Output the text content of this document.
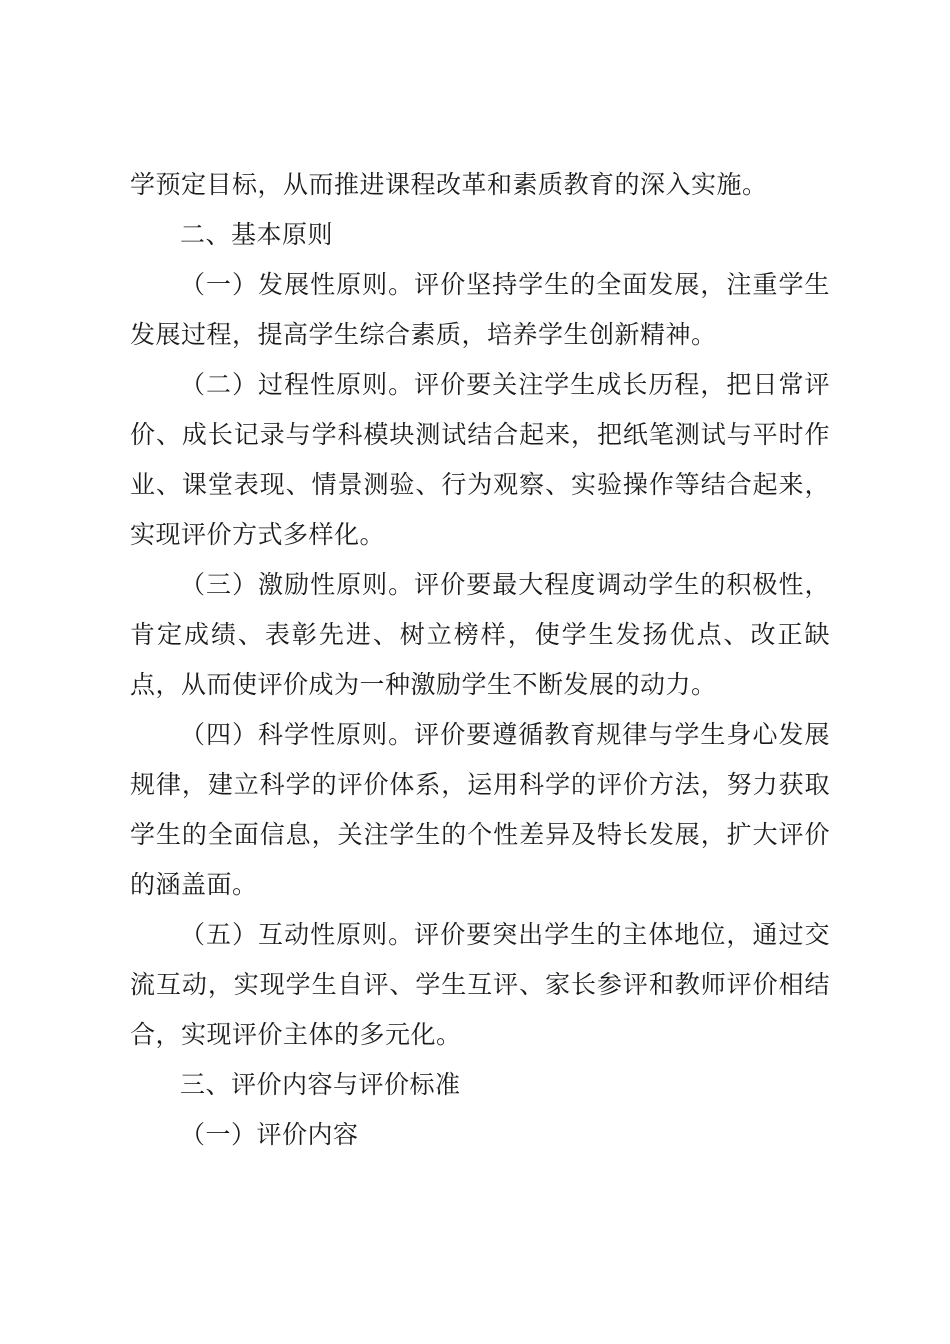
学预定目标，从而推进课程改革和素质教育的深入实施。

二、基本原则

（一）发展性原则。评价坚持学生的全面发展，注重学生发展过程，提高学生综合素质，培养学生创新精神。

（二）过程性原则。评价要关注学生成长历程，把日常评价、成长记录与学科模块测试结合起来，把纸笔测试与平时作业、课堂表现、情景测验、行为观察、实验操作等结合起来，实现评价方式多样化。

（三）激励性原则。评价要最大程度调动学生的积极性，肯定成绩、表彰先进、树立榜样，使学生发扬优点、改正缺点，从而使评价成为一种激励学生不断发展的动力。

（四）科学性原则。评价要遵循教育规律与学生身心发展规律，建立科学的评价体系，运用科学的评价方法，努力获取学生的全面信息，关注学生的个性差异及特长发展，扩大评价的涵盖面。

（五）互动性原则。评价要突出学生的主体地位，通过交流互动，实现学生自评、学生互评、家长参评和教师评价相结合，实现评价主体的多元化。

三、评价内容与评价标准

（一）评价内容
